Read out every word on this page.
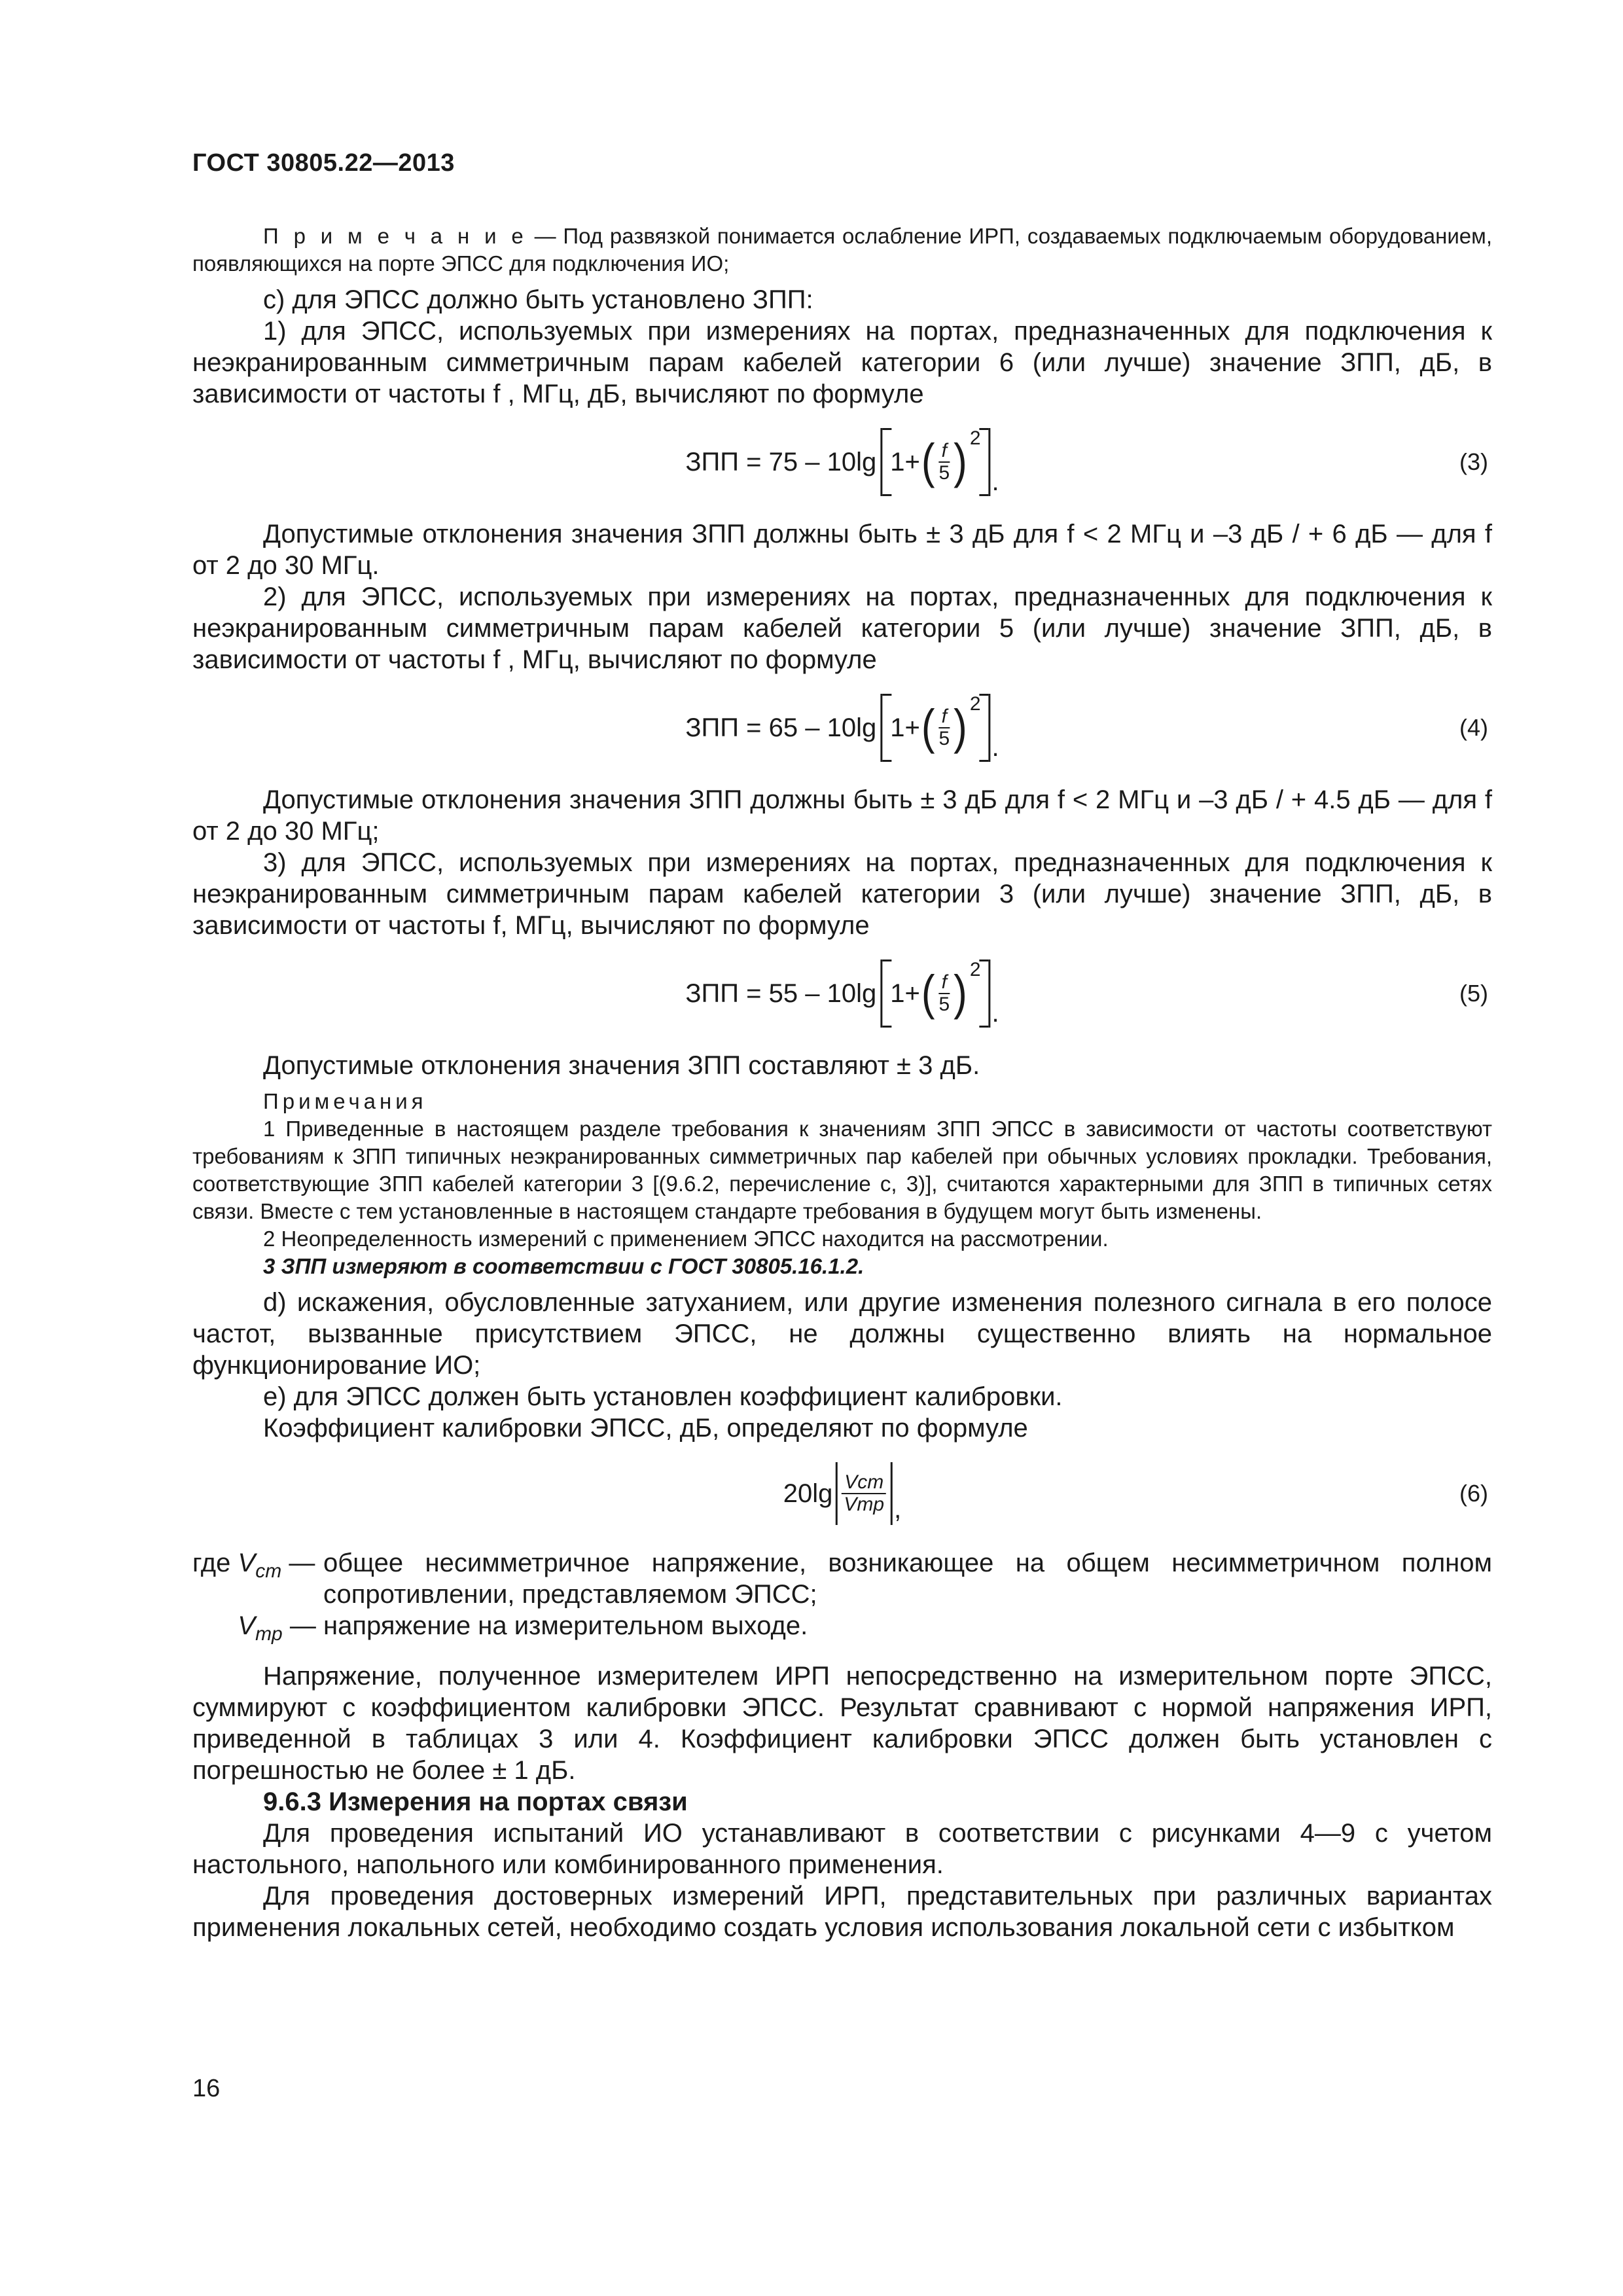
ГОСТ 30805.22—2013

П р и м е ч а н и е — Под развязкой понимается ослабление ИРП, создаваемых подключаемым оборудованием, появляющихся на порте ЭПСС для подключения ИО;

с) для ЭПСС должно быть установлено ЗПП:

1) для ЭПСС, используемых при измерениях на портах, предназначенных для подключения к неэкранированным симметричным парам кабелей категории 6 (или лучше) значение ЗПП, дБ, в зависимости от частоты f , МГц, дБ, вычисляют по формуле

ЗПП = 75 – 10lg 1+ ( $\frac{f}{5}$ ) 2
.
(3)

Допустимые отклонения значения ЗПП должны быть ± 3 дБ для f < 2 МГц и –3 дБ / + 6 дБ — для f от 2 до 30 МГц.

2) для ЭПСС, используемых при измерениях на портах, предназначенных для подключения к неэкранированным симметричным парам кабелей категории 5 (или лучше) значение ЗПП, дБ, в зависимости от частоты f , МГц, вычисляют по формуле

ЗПП = 65 – 10lg 1+ ( $\frac{f}{5}$ ) 2
.
(4)

Допустимые отклонения значения ЗПП должны быть ± 3 дБ для f < 2 МГц и –3 дБ / + 4.5 дБ — для f от 2 до 30 МГц;

3) для ЭПСС, используемых при измерениях на портах, предназначенных для подключения к неэкранированным симметричным парам кабелей категории 3 (или лучше) значение ЗПП, дБ, в зависимости от частоты f, МГц, вычисляют по формуле

ЗПП = 55 – 10lg 1+ ( $\frac{f}{5}$ ) 2
.
(5)

Допустимые отклонения значения ЗПП составляют ± 3 дБ.

Примечания

1 Приведенные в настоящем разделе требования к значениям ЗПП ЭПСС в зависимости от частоты соответствуют требованиям к ЗПП типичных неэкранированных симметричных пар кабелей при обычных условиях прокладки. Требования, соответствующие ЗПП кабелей категории 3 [(9.6.2, перечисление с, 3)], считаются характерными для ЗПП в типичных сетях связи. Вместе с тем установленные в настоящем стандарте требования в будущем могут быть изменены.

2 Неопределенность измерений с применением ЭПСС находится на рассмотрении.

3 ЗПП измеряют в соответствии с ГОСТ 30805.16.1.2.

d) искажения, обусловленные затуханием, или другие изменения полезного сигнала в его полосе частот, вызванные присутствием ЭПСС, не должны существенно влиять на нормальное функционирование ИО;

е) для ЭПСС должен быть установлен коэффициент калибровки.

Коэффициент калибровки ЭПСС, дБ, определяют по формуле

$20\lg \frac{\text{Vcm}}{\text{Vmp}}$ ,
(6)
где $V_{cm}$ — общее несимметричное напряжение, возникающее на общем несимметричном полном сопротивлении, представляемом ЭПСС;
$V_{mp}$ — напряжение на измерительном выходе.

Напряжение, полученное измерителем ИРП непосредственно на измерительном порте ЭПСС, суммируют с коэффициентом калибровки ЭПСС. Результат сравнивают с нормой напряжения ИРП, приведенной в таблицах 3 или 4. Коэффициент калибровки ЭПСС должен быть установлен с погрешностью не более ± 1 дБ.

9.6.3 Измерения на портах связи

Для проведения испытаний ИО устанавливают в соответствии с рисунками 4—9 с учетом настольного, напольного или комбинированного применения.

Для проведения достоверных измерений ИРП, представительных при различных вариантах применения локальных сетей, необходимо создать условия использования локальной сети с избытком

16
